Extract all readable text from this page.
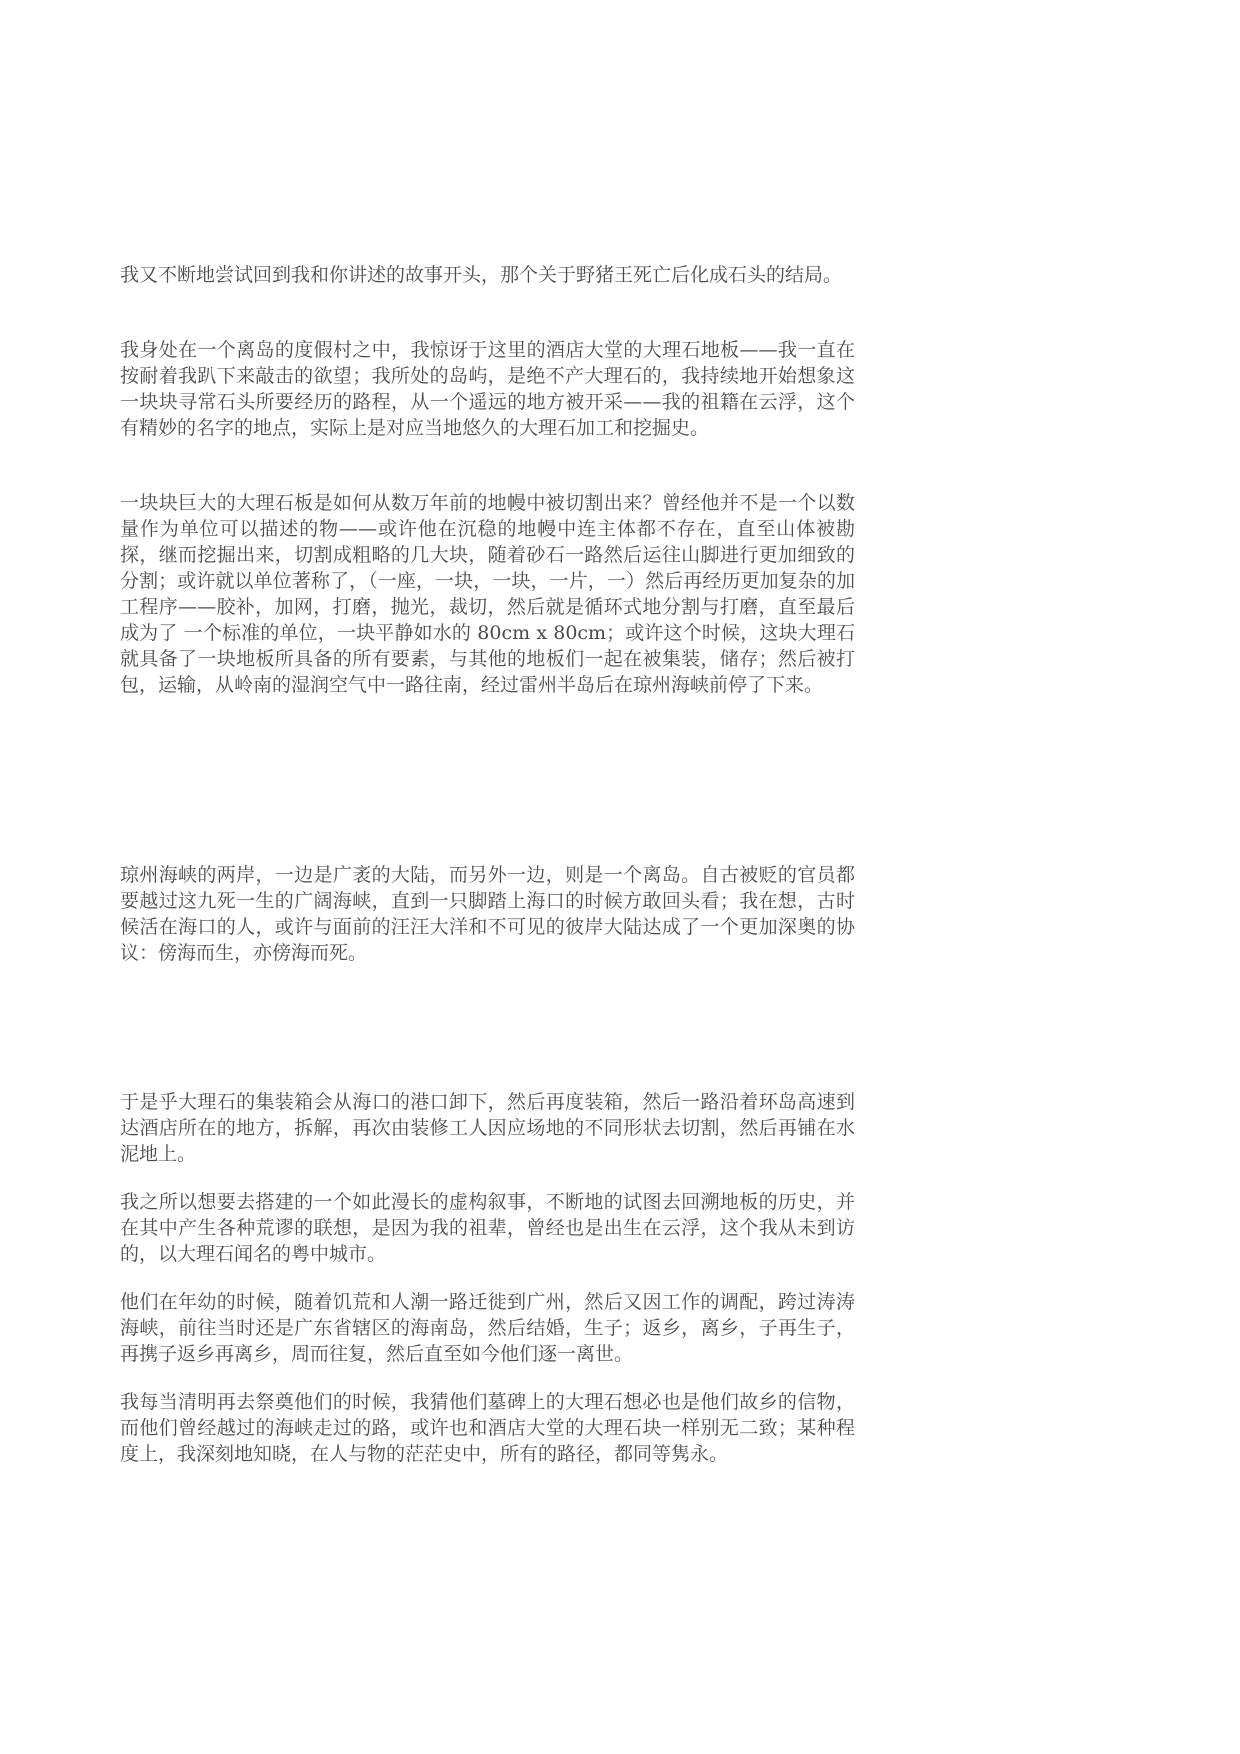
我又不断地尝试回到我和你讲述的故事开头，那个关于野猪王死亡后化成石头的结局。

我身处在一个离岛的度假村之中，我惊讶于这里的酒店大堂的大理石地板——我一直在按耐着我趴下来敲击的欲望；我所处的岛屿，是绝不产大理石的，我持续地开始想象这一块块寻常石头所要经历的路程，从一个遥远的地方被开采——我的祖籍在云浮，这个有精妙的名字的地点，实际上是对应当地悠久的大理石加工和挖掘史。

一块块巨大的大理石板是如何从数万年前的地幔中被切割出来？曾经他并不是一个以数量作为单位可以描述的物——或许他在沉稳的地幔中连主体都不存在，直至山体被勘探，继而挖掘出来，切割成粗略的几大块，随着砂石一路然后运往山脚进行更加细致的分割；或许就以单位著称了，（一座，一块，一块，一片，一）然后再经历更加复杂的加工程序——胶补，加网，打磨，抛光，裁切，然后就是循环式地分割与打磨，直至最后成为了 一个标准的单位，一块平静如水的 80cm x 80cm；或许这个时候，这块大理石就具备了一块地板所具备的所有要素，与其他的地板们一起在被集装，储存；然后被打包，运输，从岭南的湿润空气中一路往南，经过雷州半岛后在琼州海峡前停了下来。

琼州海峡的两岸，一边是广袤的大陆，而另外一边，则是一个离岛。自古被贬的官员都要越过这九死一生的广阔海峡，直到一只脚踏上海口的时候方敢回头看；我在想，古时候活在海口的人，或许与面前的汪汪大洋和不可见的彼岸大陆达成了一个更加深奥的协议：傍海而生，亦傍海而死。

于是乎大理石的集装箱会从海口的港口卸下，然后再度装箱，然后一路沿着环岛高速到达酒店所在的地方，拆解，再次由装修工人因应场地的不同形状去切割，然后再铺在水泥地上。

我之所以想要去搭建的一个如此漫长的虚构叙事，不断地的试图去回溯地板的历史，并在其中产生各种荒谬的联想，是因为我的祖辈，曾经也是出生在云浮，这个我从未到访的，以大理石闻名的粤中城市。

他们在年幼的时候，随着饥荒和人潮一路迁徙到广州，然后又因工作的调配，跨过涛涛海峡，前往当时还是广东省辖区的海南岛，然后结婚，生子；返乡，离乡，子再生子，再携子返乡再离乡，周而往复，然后直至如今他们逐一离世。

我每当清明再去祭奠他们的时候，我猜他们墓碑上的大理石想必也是他们故乡的信物，而他们曾经越过的海峡走过的路，或许也和酒店大堂的大理石块一样别无二致；某种程度上，我深刻地知晓，在人与物的茫茫史中，所有的路径，都同等隽永。
